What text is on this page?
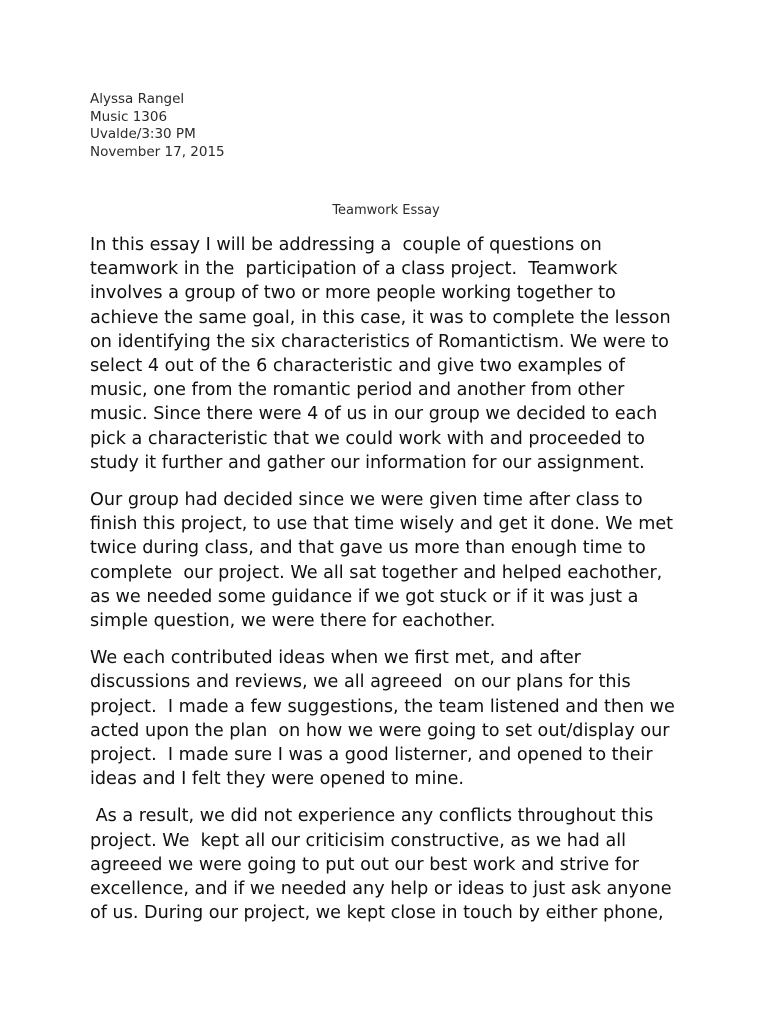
Alyssa Rangel
Music 1306
Uvalde/3:30 PM
November 17, 2015
Teamwork Essay
In this essay I will be addressing a  couple of questions on
teamwork in the  participation of a class project.  Teamwork
involves a group of two or more people working together to
achieve the same goal, in this case, it was to complete the lesson
on identifying the six characteristics of Romantictism. We were to
select 4 out of the 6 characteristic and give two examples of
music, one from the romantic period and another from other
music. Since there were 4 of us in our group we decided to each
pick a characteristic that we could work with and proceeded to
study it further and gather our information for our assignment.
Our group had decided since we were given time after class to
finish this project, to use that time wisely and get it done. We met
twice during class, and that gave us more than enough time to
complete  our project. We all sat together and helped eachother,
as we needed some guidance if we got stuck or if it was just a
simple question, we were there for eachother.
We each contributed ideas when we first met, and after
discussions and reviews, we all agreeed  on our plans for this
project.  I made a few suggestions, the team listened and then we
acted upon the plan  on how we were going to set out/display our
project.  I made sure I was a good listerner, and opened to their
ideas and I felt they were opened to mine.
As a result, we did not experience any conflicts throughout this
project. We  kept all our criticisim constructive, as we had all
agreeed we were going to put out our best work and strive for
excellence, and if we needed any help or ideas to just ask anyone
of us. During our project, we kept close in touch by either phone,
